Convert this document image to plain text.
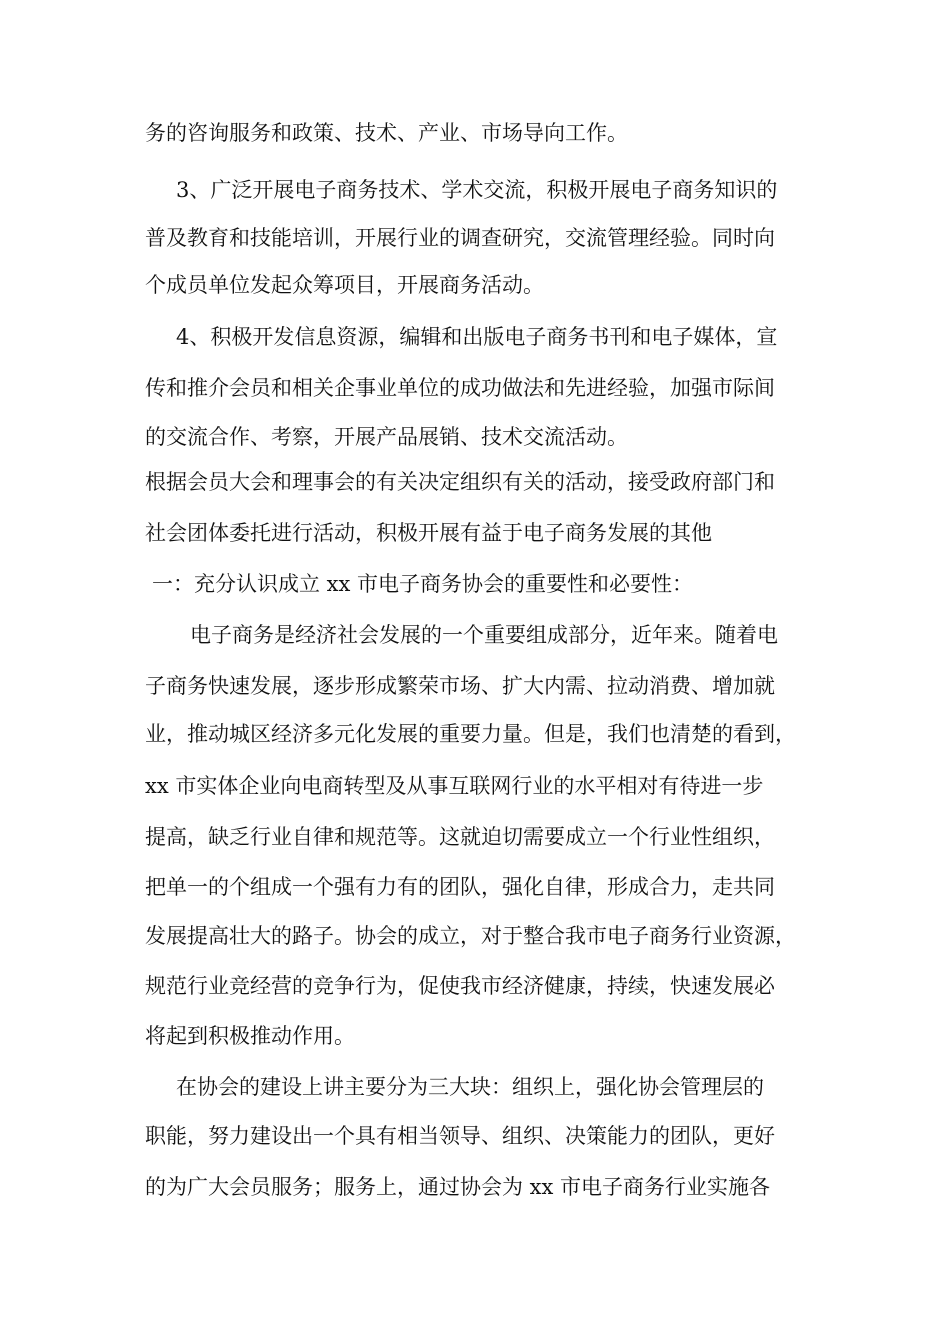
务的咨询服务和政策、技术、产业、市场导向工作。

3、广泛开展电子商务技术、学术交流，积极开展电子商务知识的

普及教育和技能培训，开展行业的调查研究，交流管理经验。同时向

个成员单位发起众筹项目，开展商务活动。

4、积极开发信息资源，编辑和出版电子商务书刊和电子媒体，宣

传和推介会员和相关企事业单位的成功做法和先进经验，加强市际间

的交流合作、考察，开展产品展销、技术交流活动。

根据会员大会和理事会的有关决定组织有关的活动，接受政府部门和

社会团体委托进行活动，积极开展有益于电子商务发展的其他

一：充分认识成立 xx 市电子商务协会的重要性和必要性：

电子商务是经济社会发展的一个重要组成部分，近年来。随着电

子商务快速发展，逐步形成繁荣市场、扩大内需、拉动消费、增加就

业，推动城区经济多元化发展的重要力量。但是，我们也清楚的看到，

xx 市实体企业向电商转型及从事互联网行业的水平相对有待进一步

提高，缺乏行业自律和规范等。这就迫切需要成立一个行业性组织，

把单一的个组成一个强有力有的团队，强化自律，形成合力，走共同

发展提高壮大的路子。协会的成立，对于整合我市电子商务行业资源，

规范行业竞经营的竞争行为，促使我市经济健康，持续，快速发展必

将起到积极推动作用。

在协会的建设上讲主要分为三大块：组织上，强化协会管理层的

职能，努力建设出一个具有相当领导、组织、决策能力的团队，更好

的为广大会员服务；服务上，通过协会为 xx 市电子商务行业实施各
